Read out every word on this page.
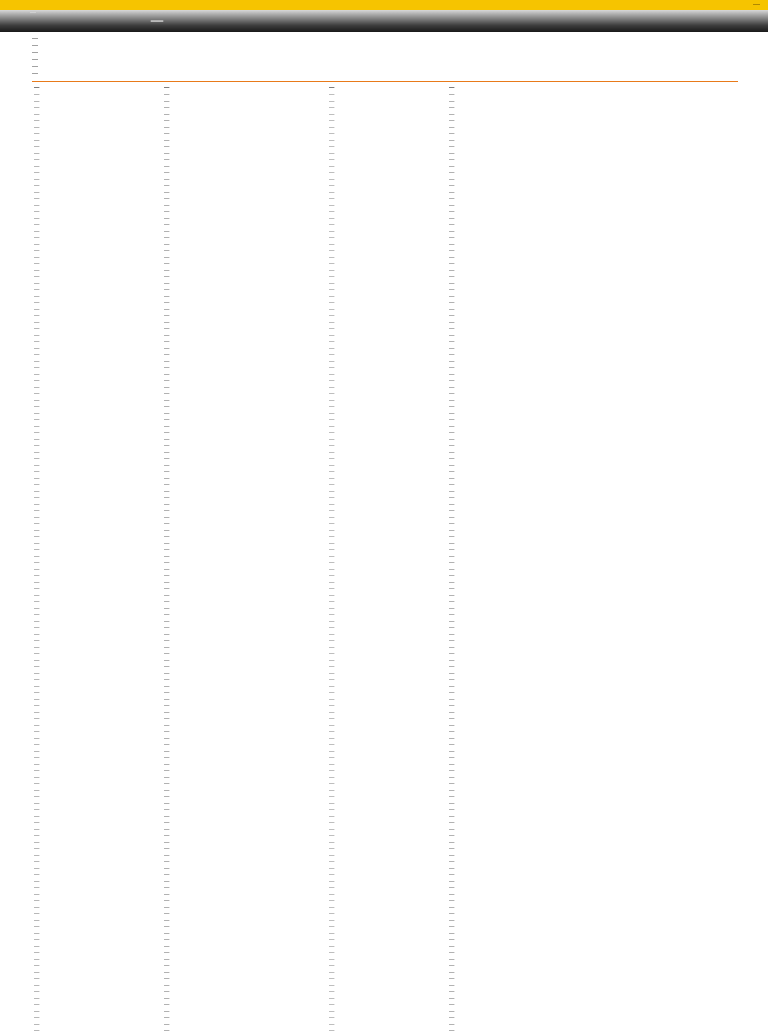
—
—	—

—

—

—

—

—

—

—	—	—	—
—	—	—	—
—	—	—	—
—	—	—	—
—	—	—	—
—	—	—	—
—	—	—	—
—	—	—	—
—	—	—	—
—	—	—	—
—	—	—	—
—	—	—	—
—	—	—	—
—	—	—	—
—	—	—	—
—	—	—	—
—	—	—	—
—	—	—	—
—	—	—	—
—	—	—	—
—	—	—	—
—	—	—	—
—	—	—	—
—	—	—	—
—	—	—	—
—	—	—	—
—	—	—	—
—	—	—	—
—	—	—	—
—	—	—	—
—	—	—	—
—	—	—	—
—	—	—	—
—	—	—	—
—	—	—	—
—	—	—	—
—	—	—	—
—	—	—	—
—	—	—	—
—	—	—	—
—	—	—	—
—	—	—	—
—	—	—	—
—	—	—	—
—	—	—	—
—	—	—	—
—	—	—	—
—	—	—	—
—	—	—	—
—	—	—	—
—	—	—	—
—	—	—	—
—	—	—	—
—	—	—	—
—	—	—	—
—	—	—	—
—	—	—	—
—	—	—	—
—	—	—	—
—	—	—	—
—	—	—	—
—	—	—	—
—	—	—	—
—	—	—	—
—	—	—	—
—	—	—	—
—	—	—	—
—	—	—	—
—	—	—	—
—	—	—	—
—	—	—	—
—	—	—	—
—	—	—	—
—	—	—	—
—	—	—	—
—	—	—	—
—	—	—	—
—	—	—	—
—	—	—	—
—	—	—	—
—	—	—	—
—	—	—	—
—	—	—	—
—	—	—	—
—	—	—	—
—	—	—	—
—	—	—	—
—	—	—	—
—	—	—	—
—	—	—	—
—	—	—	—
—	—	—	—
—	—	—	—
—	—	—	—
—	—	—	—
—	—	—	—
—	—	—	—
—	—	—	—
—	—	—	—
—	—	—	—
—	—	—	—
—	—	—	—
—	—	—	—
—	—	—	—
—	—	—	—
—	—	—	—
—	—	—	—
—	—	—	—
—	—	—	—
—	—	—	—
—	—	—	—
—	—	—	—
—	—	—	—
—	—	—	—
—	—	—	—
—	—	—	—
—	—	—	—
—	—	—	—
—	—	—	—
—	—	—	—
—	—	—	—
—	—	—	—
—	—	—	—
—	—	—	—
—	—	—	—
—	—	—	—
—	—	—	—
—	—	—	—
—	—	—	—
—	—	—	—
—	—	—	—
—	—	—	—
—	—	—	—
—	—	—	—
—	—	—	—
—	—	—	—
—	—	—	—
—	—	—	—
—	—	—	—
—	—	—	—
—	—	—	—
—	—	—	—
—	—	—	—
—	—	—	—
—	—	—	—
—	—	—	—
